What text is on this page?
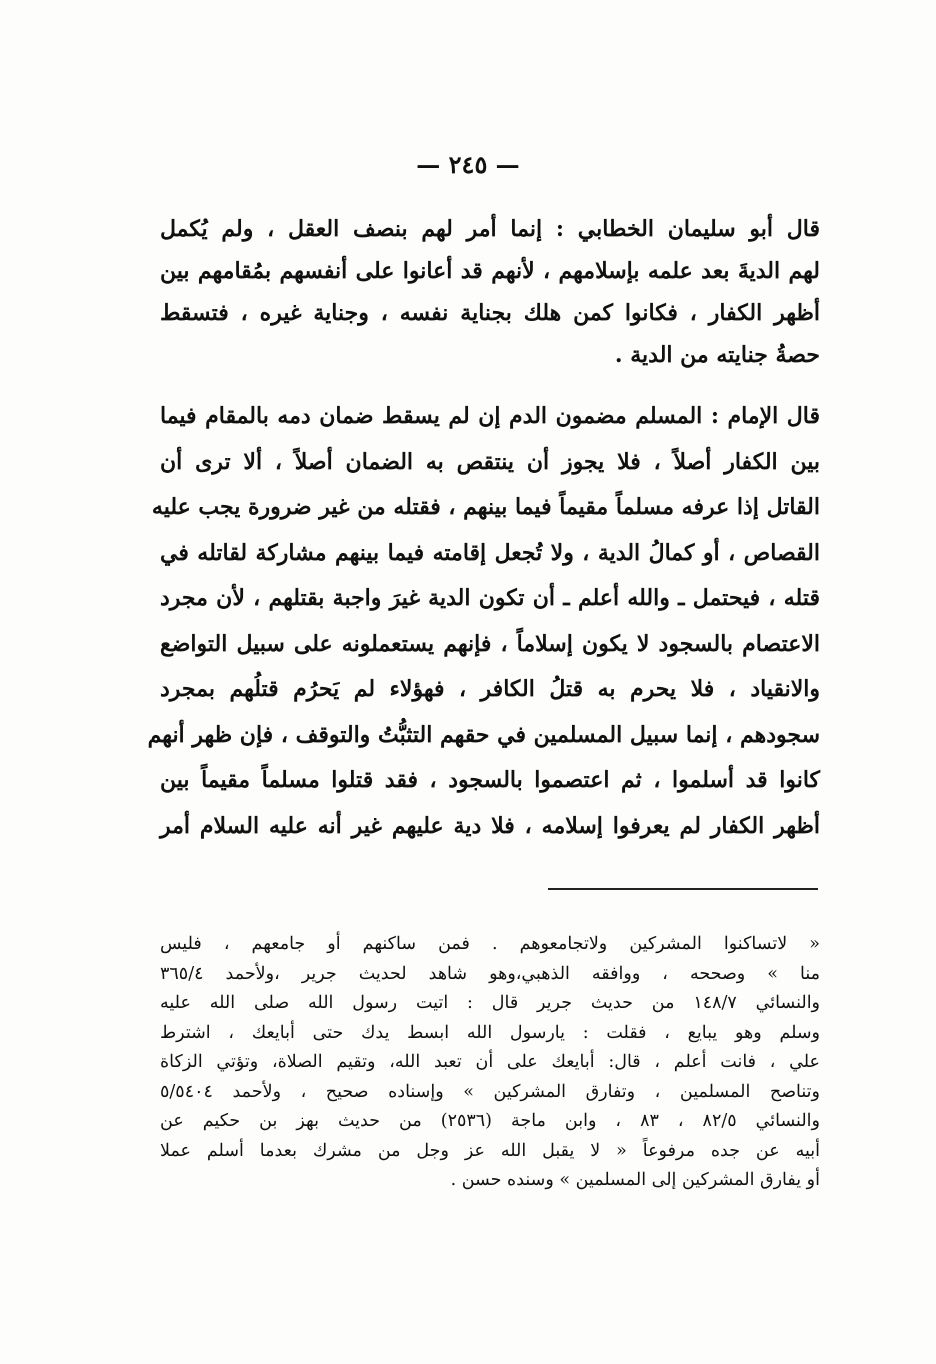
— ٢٤٥ —
قال أبو سليمان الخطابي : إنما أمر لهم بنصف العقل ، ولم يُكمل
لهم الديةَ بعد علمه بإسلامهم ، لأنهم قد أعانوا على أنفسهم بمُقامهم بين
أظهر الكفار ، فكانوا كمن هلك بجناية نفسه ، وجناية غيره ، فتسقط
حصةُ جنايته من الدية .
قال الإمام : المسلم مضمون الدم إن لم يسقط ضمان دمه بالمقام فيما
بين الكفار أصلاً ، فلا يجوز أن ينتقص به الضمان أصلاً ، ألا ترى أن
القاتل إذا عرفه مسلماً مقيماً فيما بينهم ، فقتله من غير ضرورة يجب عليه
القصاص ، أو كمالُ الدية ، ولا تُجعل إقامته فيما بينهم مشاركة لقاتله في
قتله ، فيحتمل ـ والله أعلم ـ أن تكون الدية غيرَ واجبة بقتلهم ، لأن مجرد
الاعتصام بالسجود لا يكون إسلاماً ، فإنهم يستعملونه على سبيل التواضع
والانقياد ، فلا يحرم به قتلُ الكافر ، فهؤلاء لم يَحرُم قتلُهم بمجرد
سجودهم ، إنما سبيل المسلمين في حقهم التثبُّتُ والتوقف ، فإن ظهر أنهم
كانوا قد أسلموا ، ثم اعتصموا بالسجود ، فقد قتلوا مسلماً مقيماً بين
أظهر الكفار لم يعرفوا إسلامه ، فلا دية عليهم غير أنه عليه السلام أمر
« لاتساكنوا المشركين ولاتجامعوهم . فمن ساكنهم أو جامعهم ، فليس
منا » وصححه ، ووافقه الذهبي،وهو شاهد لحديث جرير ،ولأحمد ٣٦٥/٤
والنسائي ١٤٨/٧ من حديث جرير قال : اتيت رسول الله صلى الله عليه
وسلم وهو يبايع ، فقلت : يارسول الله ابسط يدك حتى أبايعك ، اشترط
علي ، فانت أعلم ، قال: أبايعك على أن تعبد الله، وتقيم الصلاة، وتؤتي الزكاة
وتناصح المسلمين ، وتفارق المشركين » وإسناده صحيح ، ولأحمد ٥/٥٤٠٤
والنسائي ٨٢/٥ ، ٨٣ ، وابن ماجة (٢٥٣٦) من حديث بهز بن حكيم عن
أبيه عن جده مرفوعاً « لا يقبل الله عز وجل من مشرك بعدما أسلم عملا
أو يفارق المشركين إلى المسلمين » وسنده حسن .
